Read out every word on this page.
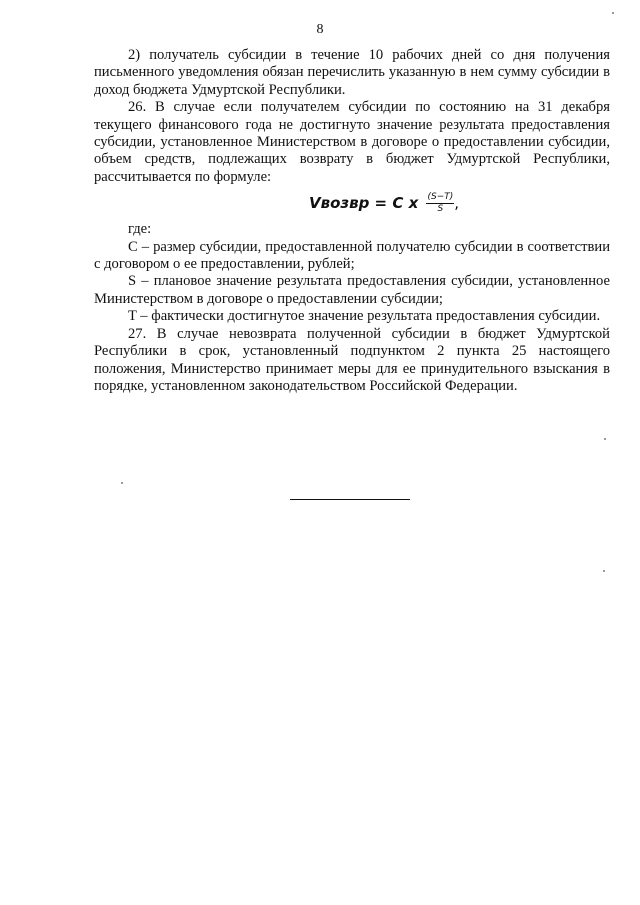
8

2) получатель субсидии в течение 10 рабочих дней со дня получения письменного уведомления обязан перечислить указанную в нем сумму субсидии в доход бюджета Удмуртской Республики.

26. В случае если получателем субсидии по состоянию на 31 декабря текущего финансового года не достигнуто значение результата предоставления субсидии, установленное Министерством в договоре о предоставлении субсидии, объем средств, подлежащих возврату в бюджет Удмуртской Республики, рассчитывается по формуле:

Vвозвр = C x $\frac{(S-T)}{S}$ ,

где:

C – размер субсидии, предоставленной получателю субсидии в соответствии с договором о ее предоставлении, рублей;

S – плановое значение результата предоставления субсидии, установленное Министерством в договоре о предоставлении субсидии;

T – фактически достигнутое значение результата предоставления субсидии.

27. В случае невозврата полученной субсидии в бюджет Удмуртской Республики в срок, установленный подпунктом 2 пункта 25 настоящего положения, Министерство принимает меры для ее принудительного взыскания в порядке, установленном законодательством Российской Федерации.
